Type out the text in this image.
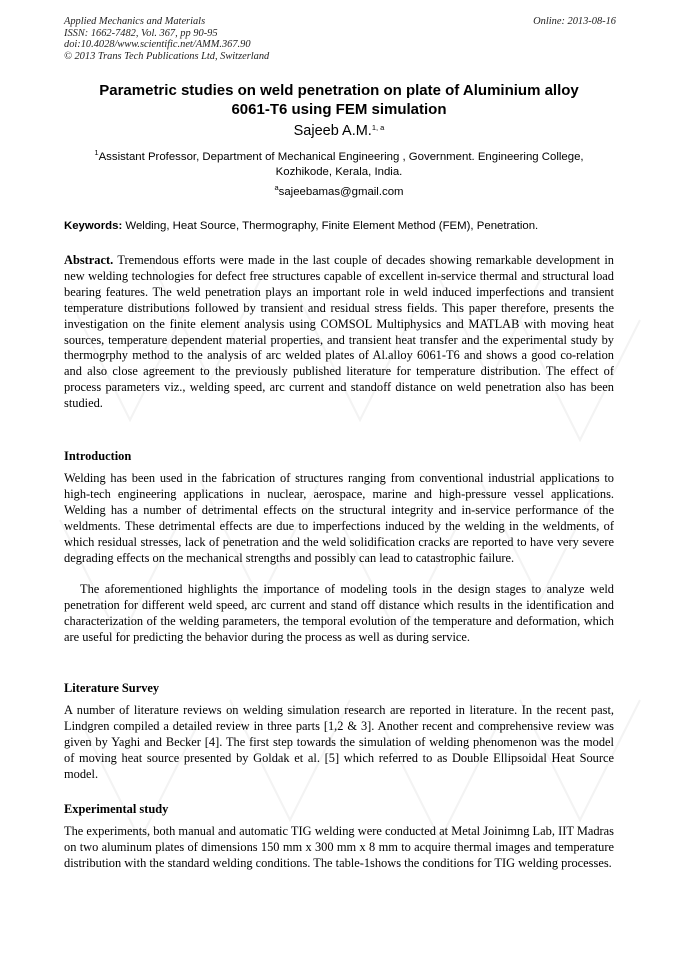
Applied Mechanics and Materials
ISSN: 1662-7482, Vol. 367, pp 90-95
doi:10.4028/www.scientific.net/AMM.367.90
© 2013 Trans Tech Publications Ltd, Switzerland
Online: 2013-08-16
Parametric studies on weld penetration on plate of Aluminium alloy
6061-T6 using FEM simulation
Sajeeb A.M.$^{1, a}$
$^1$Assistant Professor, Department of Mechanical Engineering , Government. Engineering College,
Kozhikode, Kerala, India.
$^a$sajeebamas@gmail.com
Keywords: Welding, Heat Source, Thermography, Finite Element Method (FEM), Penetration.
Abstract. Tremendous efforts were made in the last couple of decades showing remarkable development in new welding technologies for defect free structures capable of excellent in-service thermal and structural load bearing features. The weld penetration plays an important role in weld induced imperfections and transient temperature distributions followed by transient and residual stress fields. This paper therefore, presents the investigation on the finite element analysis using COMSOL Multiphysics and MATLAB with moving heat sources, temperature dependent material properties, and transient heat transfer and the experimental study by thermogrphy method to the analysis of arc welded plates of Al.alloy 6061-T6 and shows a good co-relation and also close agreement to the previously published literature for temperature distribution. The effect of process parameters viz., welding speed, arc current and standoff distance on weld penetration also has been studied.
Introduction
Welding has been used in the fabrication of structures ranging from conventional industrial applications to high-tech engineering applications in nuclear, aerospace, marine and high-pressure vessel applications. Welding has a number of detrimental effects on the structural integrity and in-service performance of the weldments. These detrimental effects are due to imperfections induced by the welding in the weldments, of which residual stresses, lack of penetration and the weld solidification cracks are reported to have very severe degrading effects on the mechanical strengths and possibly can lead to catastrophic failure.
The aforementioned highlights the importance of modeling tools in the design stages to analyze weld penetration for different weld speed, arc current and stand off distance which results in the identification and characterization of the welding parameters, the temporal evolution of the temperature and deformation, which are useful for predicting the behavior during the process as well as during service.
Literature Survey
A number of literature reviews on welding simulation research are reported in literature. In the recent past, Lindgren compiled a detailed review in three parts [1,2 & 3]. Another recent and comprehensive review was given by Yaghi and Becker [4]. The first step towards the simulation of welding phenomenon was the model of moving heat source presented by Goldak et al. [5] which referred to as Double Ellipsoidal Heat Source model.
Experimental study
The experiments, both manual and automatic TIG welding were conducted at Metal Joinimng Lab, IIT Madras on two aluminum plates of dimensions 150 mm x 300 mm x 8 mm to acquire thermal images and temperature distribution with the standard welding conditions. The table-1shows the conditions for TIG welding processes.
